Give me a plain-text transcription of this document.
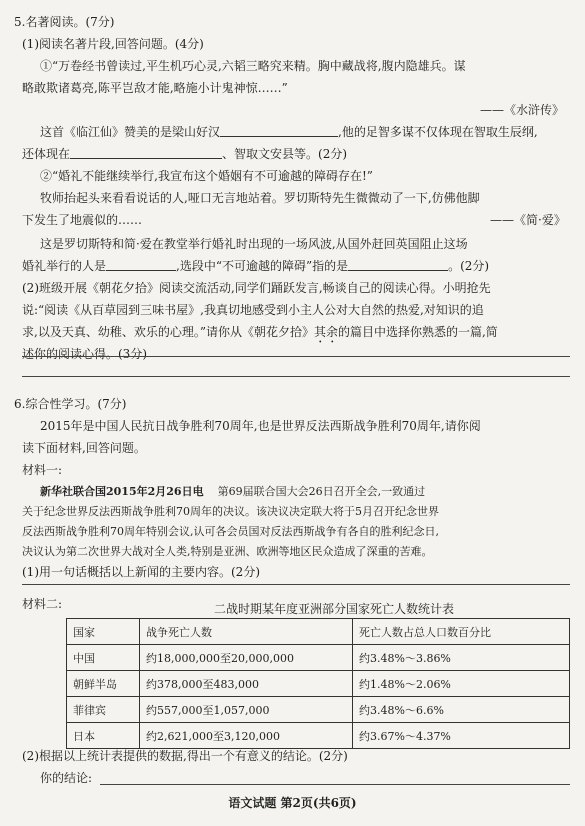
5.名著阅读。(7分)
(1)阅读名著片段,回答问题。(4分)
①“万卷经书曾读过,平生机巧心灵,六韬三略究来精。胸中藏战将,腹内隐雄兵。谋
略敢欺诸葛亮,陈平岂敌才能,略施小计鬼神惊……”
——《水浒传》
这首《临江仙》赞美的是梁山好汉	,他的足智多谋不仅体现在智取生辰纲,
还体现在	、智取文安县等。(2分)
②“婚礼不能继续举行,我宣布这个婚姻有不可逾越的障碍存在!”
牧师抬起头来看看说话的人,哑口无言地站着。罗切斯特先生微微动了一下,仿佛他脚
下发生了地震似的……	——《简·爱》
这是罗切斯特和简·爱在教堂举行婚礼时出现的一场风波,从国外赶回英国阻止这场
婚礼举行的人是	,选段中“不可逾越的障碍”指的是	。(2分)
(2)班级开展《朝花夕拾》阅读交流活动,同学们踊跃发言,畅谈自己的阅读心得。小明抢先
说:“阅读《从百草园到三味书屋》,我真切地感受到小主人公对大自然的热爱,对知识的追
求,以及天真、幼稚、欢乐的心理。”请你从《朝花夕拾》其余的篇目中选择你熟悉的一篇,简
述你的阅读心得。(3分)
6.综合性学习。(7分)
2015年是中国人民抗日战争胜利70周年,也是世界反法西斯战争胜利70周年,请你阅
读下面材料,回答问题。
材料一:
新华社联合国2015年2月26日电 第69届联合国大会26日召开全会,一致通过
关于纪念世界反法西斯战争胜利70周年的决议。该决议决定联大将于5月召开纪念世界
反法西斯战争胜利70周年特别会议,认可各会员国对反法西斯战争有各自的胜利纪念日,
决议认为第二次世界大战对全人类,特别是亚洲、欧洲等地区民众造成了深重的苦难。
(1)用一句话概括以上新闻的主要内容。(2分)
材料二:	二战时期某年度亚洲部分国家死亡人数统计表
国家	战争死亡人数	死亡人数占总人口数百分比
中国	约18,000,000至20,000,000	约3.48%～3.86%
朝鲜半岛	约378,000至483,000	约1.48%～2.06%
菲律宾	约557,000至1,057,000	约3.48%～6.6%
日本	约2,621,000至3,120,000	约3.67%～4.37%
(2)根据以上统计表提供的数据,得出一个有意义的结论。(2分)
你的结论:
语文试题 第2页(共6页)
